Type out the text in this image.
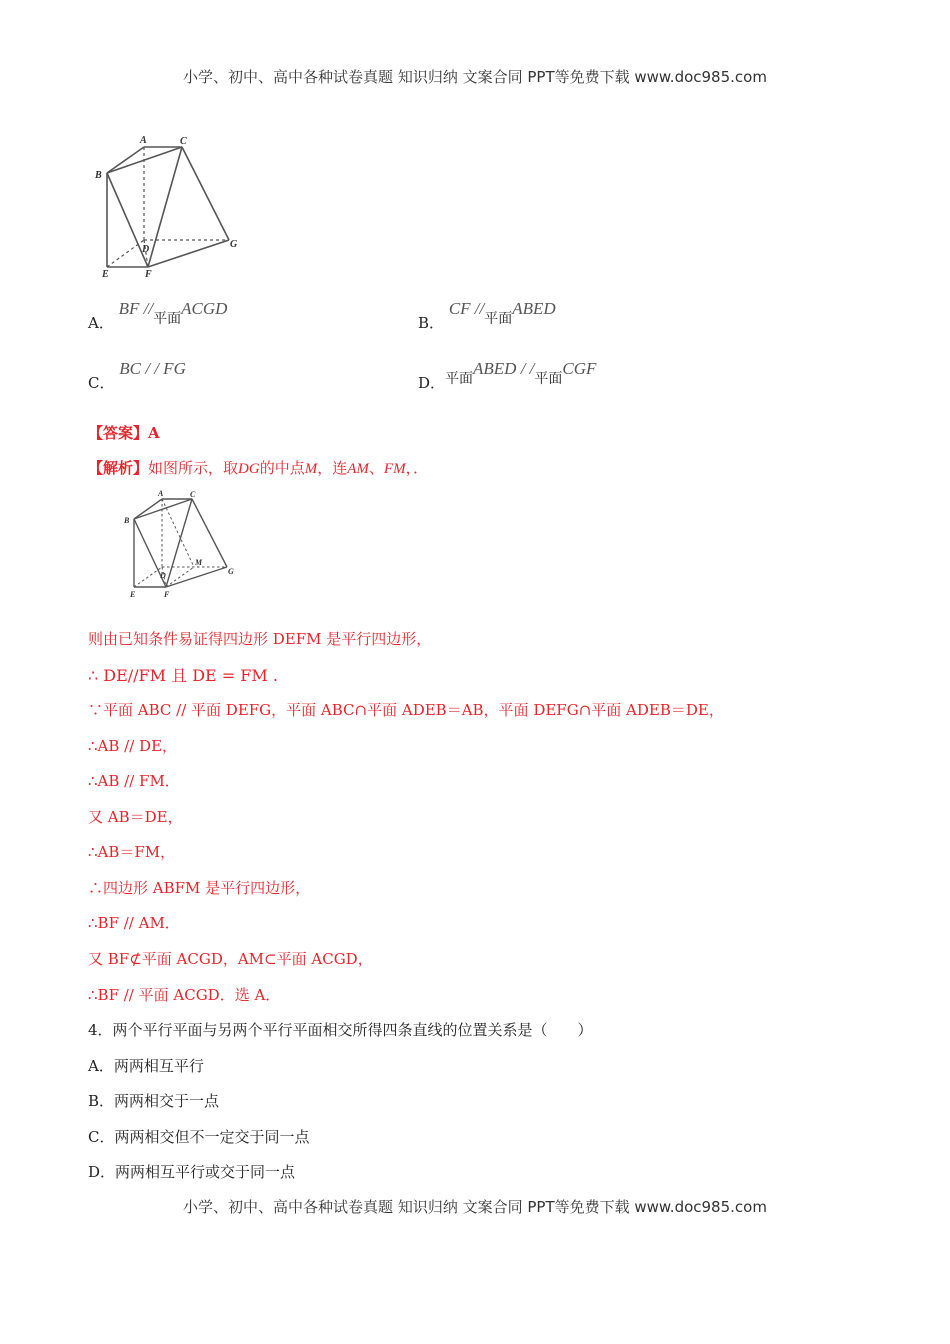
小学、初中、高中各种试卷真题 知识归纳 文案合同 PPT等免费下载 www.doc985.com
A	C
B
D	G
E	F
A． BF //平面ACGD
B． CF //平面ABED
C． BC / / FG
D．平面ABED / /平面CGF
【答案】A
【解析】如图所示，取DG的中点M，连AM、FM，．
A	C
B
D
M
G
E	F
则由已知条件易证得四边形 DEFM 是平行四边形，
∴ DE//FM 且 DE = FM .
∵平面 ABC // 平面 DEFG，平面 ABC∩平面 ADEB＝AB，平面 DEFG∩平面 ADEB＝DE，
∴AB // DE，
∴AB // FM．
又 AB＝DE，
∴AB＝FM，
∴四边形 ABFM 是平行四边形，
∴BF // AM．
又 BF⊄平面 ACGD，AM⊂平面 ACGD，
∴BF // 平面 ACGD．选 A．
4．两个平行平面与另两个平行平面相交所得四条直线的位置关系是（　　）
A．两两相互平行
B．两两相交于一点
C．两两相交但不一定交于同一点
D．两两相互平行或交于同一点
小学、初中、高中各种试卷真题 知识归纳 文案合同 PPT等免费下载 www.doc985.com
